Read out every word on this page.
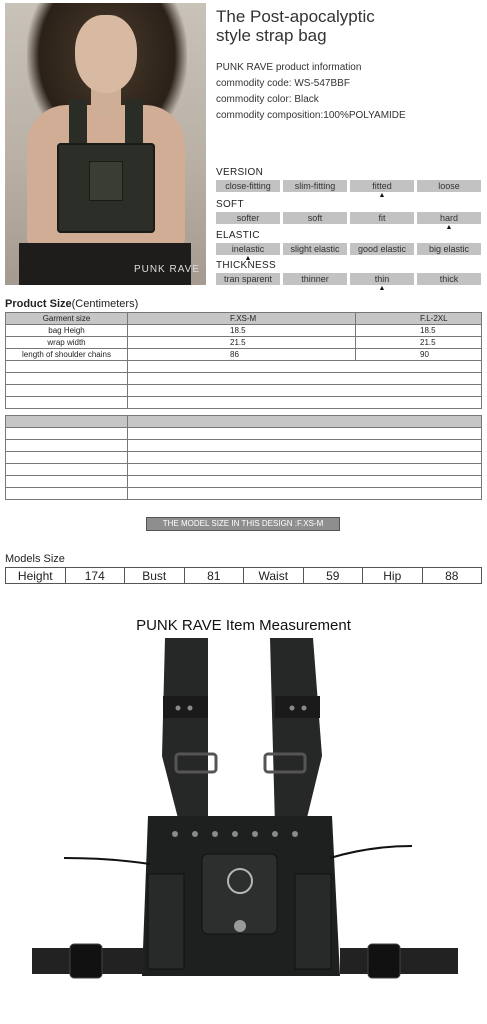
PUNK RAVE
The Post-apocalyptic
style strap bag
PUNK RAVE product information
commodity code: WS-547BBF
commodity color: Black
commodity composition:100%POLYAMIDE
VERSION
close-fitting	slim-fitting	fitted	loose
▲
SOFT
softer	soft	fit	hard
▲
ELASTIC
inelastic	slight elastic	good elastic	big elastic
▲
THICKNESS
tran sparent	thinner	thin	thick
▲
Product Size(Centimeters)
Garment size	F.XS-M	F.L-2XL
bag Heigh	18.5	18.5
wrap width	21.5	21.5
length of shoulder chains	86	90

THE MODEL SIZE IN THIS DESIGN :F.XS-M
Models Size
Height	174	Bust	81	Waist	59	Hip	88
PUNK RAVE Item Measurement
